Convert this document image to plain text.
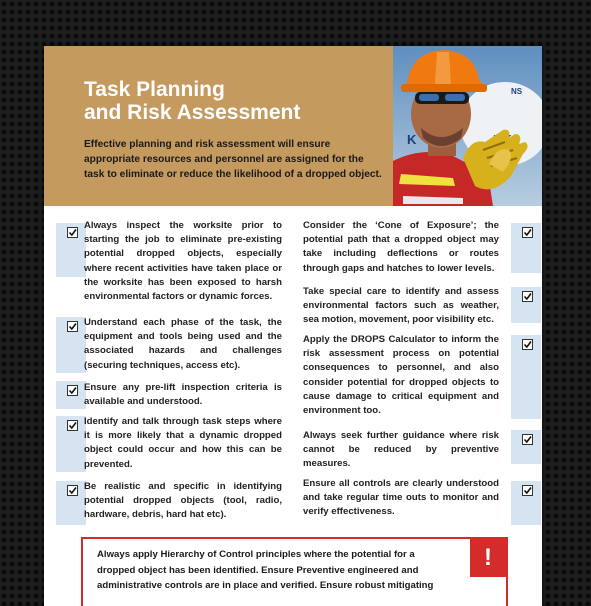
Task Planning
and Risk Assessment

Effective planning and risk assessment will ensure appropriate resources and personnel are assigned for the task to eliminate or reduce the likelihood of a dropped object.

K
NS

Always inspect the worksite prior to starting the job to eliminate pre-existing potential dropped objects, especially where recent activities have taken place or the worksite has been exposed to harsh environmental factors or dynamic forces.

Understand each phase of the task, the equipment and tools being used and the associated hazards and challenges (securing techniques, access etc).

Ensure any pre-lift inspection criteria is available and understood.

Identify and talk through task steps where it is more likely that a dynamic dropped object could occur and how this can be prevented.

Be realistic and specific in identifying potential dropped objects (tool, radio, hardware, debris, hard hat etc).

Consider the ‘Cone of Exposure’; the potential path that a dropped object may take including deflections or routes through gaps and hatches to lower levels.

Take special care to identify and assess environmental factors such as weather, sea motion, movement, poor visibility etc.

Apply the DROPS Calculator to inform the risk assessment process on potential consequences to personnel, and also consider potential for dropped objects to cause damage to critical equipment and environment too.

Always seek further guidance where risk cannot be reduced by preventive measures.

Ensure all controls are clearly understood and take regular time outs to monitor and verify effectiveness.

Always apply Hierarchy of Control principles where the potential for a dropped object has been identified. Ensure Preventive engineered and administrative controls are in place and verified. Ensure robust mitigating

!
